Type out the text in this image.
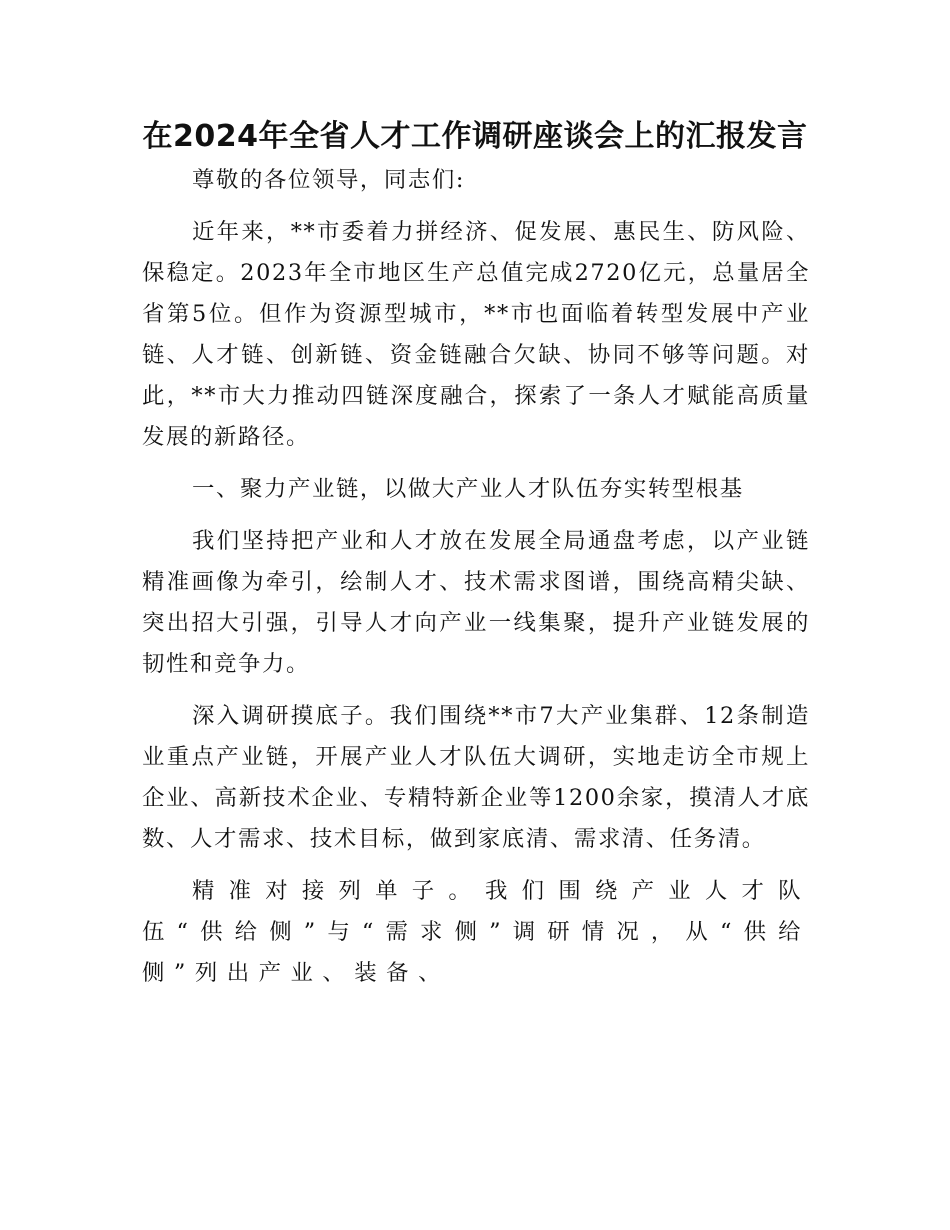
在2024年全省人才工作调研座谈会上的汇报发言

尊敬的各位领导，同志们:

近年来，**市委着力拼经济、促发展、惠民生、防风险、保稳定。2023年全市地区生产总值完成2720亿元，总量居全省第5位。但作为资源型城市，**市也面临着转型发展中产业链、人才链、创新链、资金链融合欠缺、协同不够等问题。对此，**市大力推动四链深度融合，探索了一条人才赋能高质量发展的新路径。

一、聚力产业链，以做大产业人才队伍夯实转型根基

我们坚持把产业和人才放在发展全局通盘考虑，以产业链精准画像为牵引，绘制人才、技术需求图谱，围绕高精尖缺、突出招大引强，引导人才向产业一线集聚，提升产业链发展的韧性和竞争力。

深入调研摸底子。我们围绕**市7大产业集群、12条制造业重点产业链，开展产业人才队伍大调研，实地走访全市规上企业、高新技术企业、专精特新企业等1200余家，摸清人才底数、人才需求、技术目标，做到家底清、需求清、任务清。

精准对接列单子。我们围绕产业人才队伍“供给侧”与“需求侧”调研情况，从“供给侧”列出产业、装备、
